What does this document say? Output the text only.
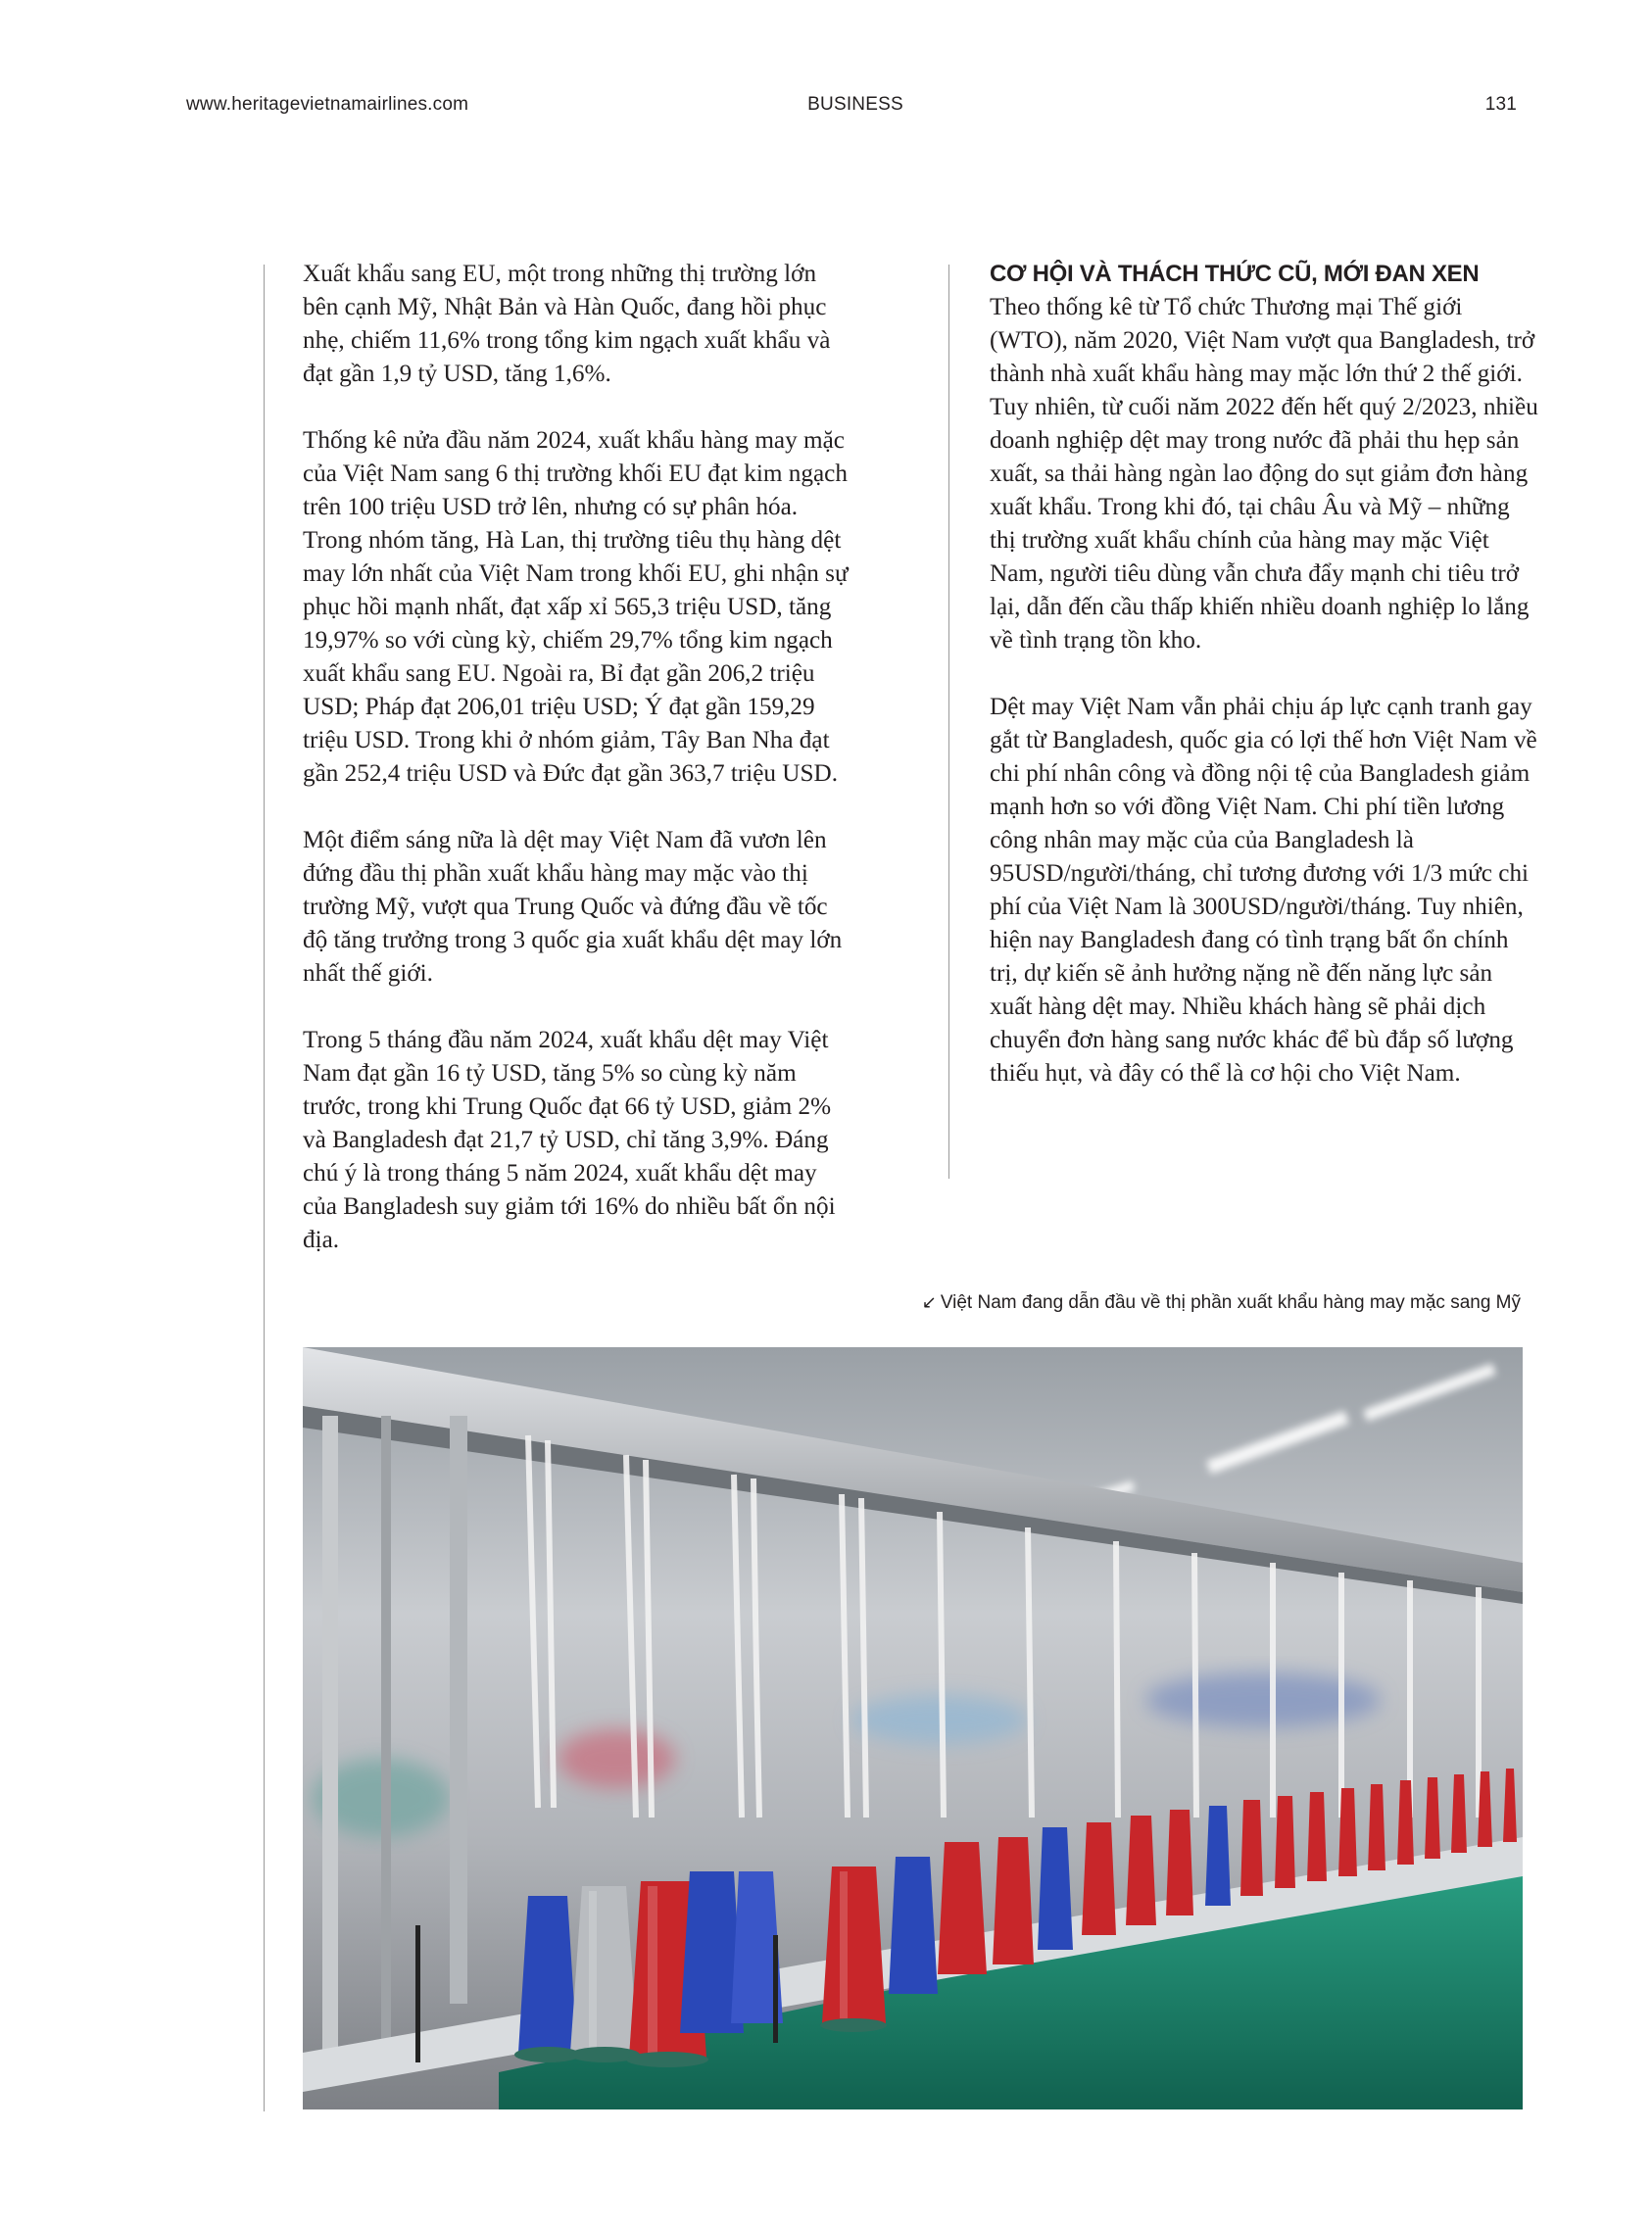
www.heritagevietnamairlines.com	BUSINESS	131

Xuất khẩu sang EU, một trong những thị trường lớn bên cạnh Mỹ, Nhật Bản và Hàn Quốc, đang hồi phục nhẹ, chiếm 11,6% trong tổng kim ngạch xuất khẩu và đạt gần 1,9 tỷ USD, tăng 1,6%.

Thống kê nửa đầu năm 2024, xuất khẩu hàng may mặc của Việt Nam sang 6 thị trường khối EU đạt kim ngạch trên 100 triệu USD trở lên, nhưng có sự phân hóa. Trong nhóm tăng, Hà Lan, thị trường tiêu thụ hàng dệt may lớn nhất của Việt Nam trong khối EU, ghi nhận sự phục hồi mạnh nhất, đạt xấp xỉ 565,3 triệu USD, tăng 19,97% so với cùng kỳ, chiếm 29,7% tổng kim ngạch xuất khẩu sang EU. Ngoài ra, Bỉ đạt gần 206,2 triệu USD; Pháp đạt 206,01 triệu USD; Ý đạt gần 159,29 triệu USD. Trong khi ở nhóm giảm, Tây Ban Nha đạt gần 252,4 triệu USD và Đức đạt gần 363,7 triệu USD.

Một điểm sáng nữa là dệt may Việt Nam đã vươn lên đứng đầu thị phần xuất khẩu hàng may mặc vào thị trường Mỹ, vượt qua Trung Quốc và đứng đầu về tốc độ tăng trưởng trong 3 quốc gia xuất khẩu dệt may lớn nhất thế giới.

Trong 5 tháng đầu năm 2024, xuất khẩu dệt may Việt Nam đạt gần 16 tỷ USD, tăng 5% so cùng kỳ năm trước, trong khi Trung Quốc đạt 66 tỷ USD, giảm 2% và Bangladesh đạt 21,7 tỷ USD, chỉ tăng 3,9%. Đáng chú ý là trong tháng 5 năm 2024, xuất khẩu dệt may của Bangladesh suy giảm tới 16% do nhiều bất ổn nội địa.

CƠ HỘI VÀ THÁCH THỨC CŨ, MỚI ĐAN XEN

Theo thống kê từ Tổ chức Thương mại Thế giới (WTO), năm 2020, Việt Nam vượt qua Bangladesh, trở thành nhà xuất khẩu hàng may mặc lớn thứ 2 thế giới. Tuy nhiên, từ cuối năm 2022 đến hết quý 2/2023, nhiều doanh nghiệp dệt may trong nước đã phải thu hẹp sản xuất, sa thải hàng ngàn lao động do sụt giảm đơn hàng xuất khẩu. Trong khi đó, tại châu Âu và Mỹ – những thị trường xuất khẩu chính của hàng may mặc Việt Nam, người tiêu dùng vẫn chưa đẩy mạnh chi tiêu trở lại, dẫn đến cầu thấp khiến nhiều doanh nghiệp lo lắng về tình trạng tồn kho.

Dệt may Việt Nam vẫn phải chịu áp lực cạnh tranh gay gắt từ Bangladesh, quốc gia có lợi thế hơn Việt Nam về chi phí nhân công và đồng nội tệ của Bangladesh giảm mạnh hơn so với đồng Việt Nam. Chi phí tiền lương công nhân may mặc của của Bangladesh là 95USD/người/tháng, chỉ tương đương với 1/3 mức chi phí của Việt Nam là 300USD/người/tháng. Tuy nhiên, hiện nay Bangladesh đang có tình trạng bất ổn chính trị, dự kiến sẽ ảnh hưởng nặng nề đến năng lực sản xuất hàng dệt may. Nhiều khách hàng sẽ phải dịch chuyển đơn hàng sang nước khác để bù đắp số lượng thiếu hụt, và đây có thể là cơ hội cho Việt Nam.

↙ Việt Nam đang dẫn đầu về thị phần xuất khẩu hàng may mặc sang Mỹ
